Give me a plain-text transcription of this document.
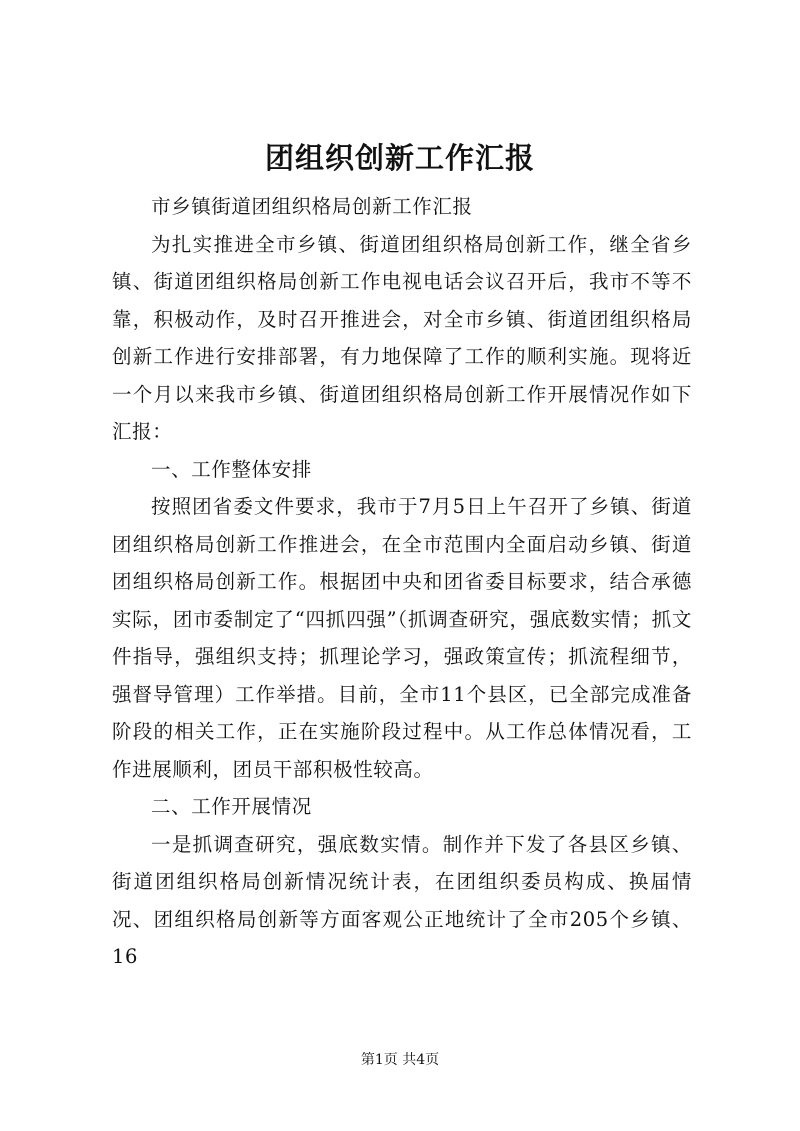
团组织创新工作汇报

市乡镇街道团组织格局创新工作汇报

为扎实推进全市乡镇、街道团组织格局创新工作，继全省乡镇、街道团组织格局创新工作电视电话会议召开后，我市不等不靠，积极动作，及时召开推进会，对全市乡镇、街道团组织格局创新工作进行安排部署，有力地保障了工作的顺利实施。现将近一个月以来我市乡镇、街道团组织格局创新工作开展情况作如下汇报：

一、工作整体安排

按照团省委文件要求，我市于7月5日上午召开了乡镇、街道团组织格局创新工作推进会，在全市范围内全面启动乡镇、街道团组织格局创新工作。根据团中央和团省委目标要求，结合承德实际，团市委制定了“四抓四强”（抓调查研究，强底数实情；抓文件指导，强组织支持；抓理论学习，强政策宣传；抓流程细节，强督导管理）工作举措。目前，全市11个县区，已全部完成准备阶段的相关工作，正在实施阶段过程中。从工作总体情况看，工作进展顺利，团员干部积极性较高。

二、工作开展情况

一是抓调查研究，强底数实情。制作并下发了各县区乡镇、街道团组织格局创新情况统计表，在团组织委员构成、换届情况、团组织格局创新等方面客观公正地统计了全市205个乡镇、16

第1页 共4页
